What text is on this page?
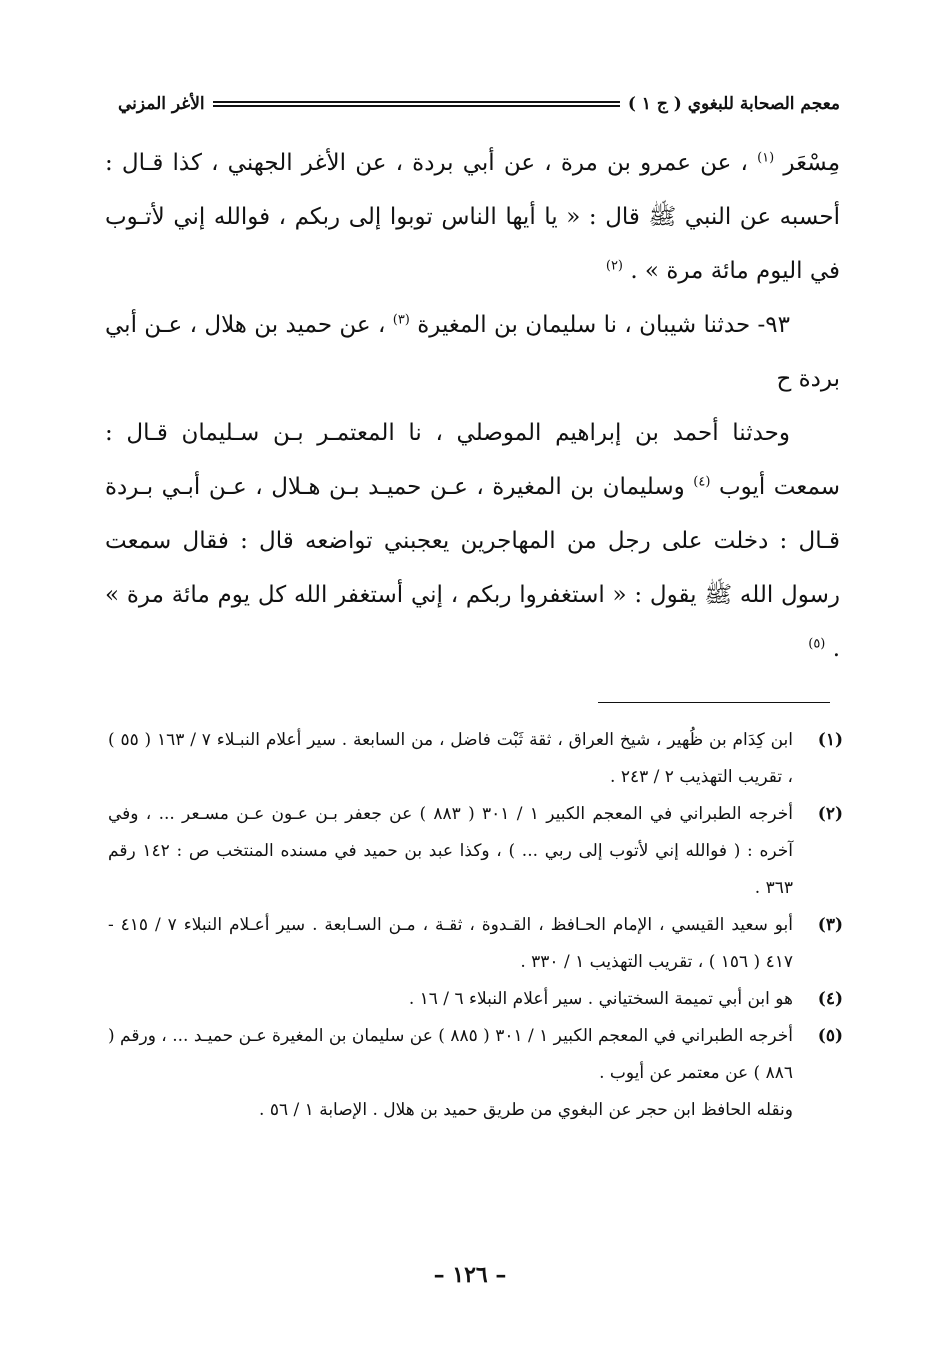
معجم الصحابة للبغوي ( ج ١ )
الأغر المزني

مِسْعَر $^{(١)}$ ، عن عمرو بن مرة ، عن أبي بردة ، عن الأغر الجهني ، كذا قـال : أحسبه عن النبي ﷺ قال : « يا أيها الناس توبوا إلى ربكم ، فوالله إني لأتـوب في اليوم مائة مرة » . $^{(٢)}$

٩٣- حدثنا شيبان ، نا سليمان بن المغيرة $^{(٣)}$ ، عن حميد بن هلال ، عـن أبي بردة ح

وحدثنا أحمد بن إبراهيم الموصلي ، نا المعتمـر بـن سـليمان قـال : سمعت أيوب $^{(٤)}$ وسليمان بن المغيرة ، عـن حميـد بـن هـلال ، عـن أبـي بـردة قـال : دخلت على رجل من المهاجرين يعجبني تواضعه قال : فقال سمعت رسول الله ﷺ يقول : « استغفروا ربكم ، إني أستغفر الله كل يوم مائة مرة » . $^{(٥)}$

(١)
ابن كِدَام بن ظُهير ، شيخ العراق ، ثقة ثَبْت فاضل ، من السابعة . سير أعلام النبـلاء ٧ / ١٦٣ ( ٥٥ ) ، تقريب التهذيب ٢ / ٢٤٣ .
(٢)
أخرجه الطبراني في المعجم الكبير ١ / ٣٠١ ( ٨٨٣ ) عن جعفر بـن عـون عـن مسـعر ... ، وفي آخره : ( فوالله إني لأتوب إلى ربي ... ) ، وكذا عبد بن حميد في مسنده المنتخب ص : ١٤٢ رقم ٣٦٣ .
(٣)
أبو سعيد القيسي ، الإمام الحـافظ ، القـدوة ، ثقـة ، مـن السـابعة . سير أعـلام النبلاء ٧ / ٤١٥ - ٤١٧ ( ١٥٦ ) ، تقريب التهذيب ١ / ٣٣٠ .
(٤)
هو ابن أبي تميمة السختياني . سير أعلام النبلاء ٦ / ١٦ .
(٥)
أخرجه الطبراني في المعجم الكبير ١ / ٣٠١ ( ٨٨٥ ) عن سليمان بن المغيرة عـن حميـد ... ، ورقم ( ٨٨٦ ) عن معتمر عن أيوب .
ونقله الحافظ ابن حجر عن البغوي من طريق حميد بن هلال . الإصابة ١ / ٥٦ .
– ١٢٦ –
